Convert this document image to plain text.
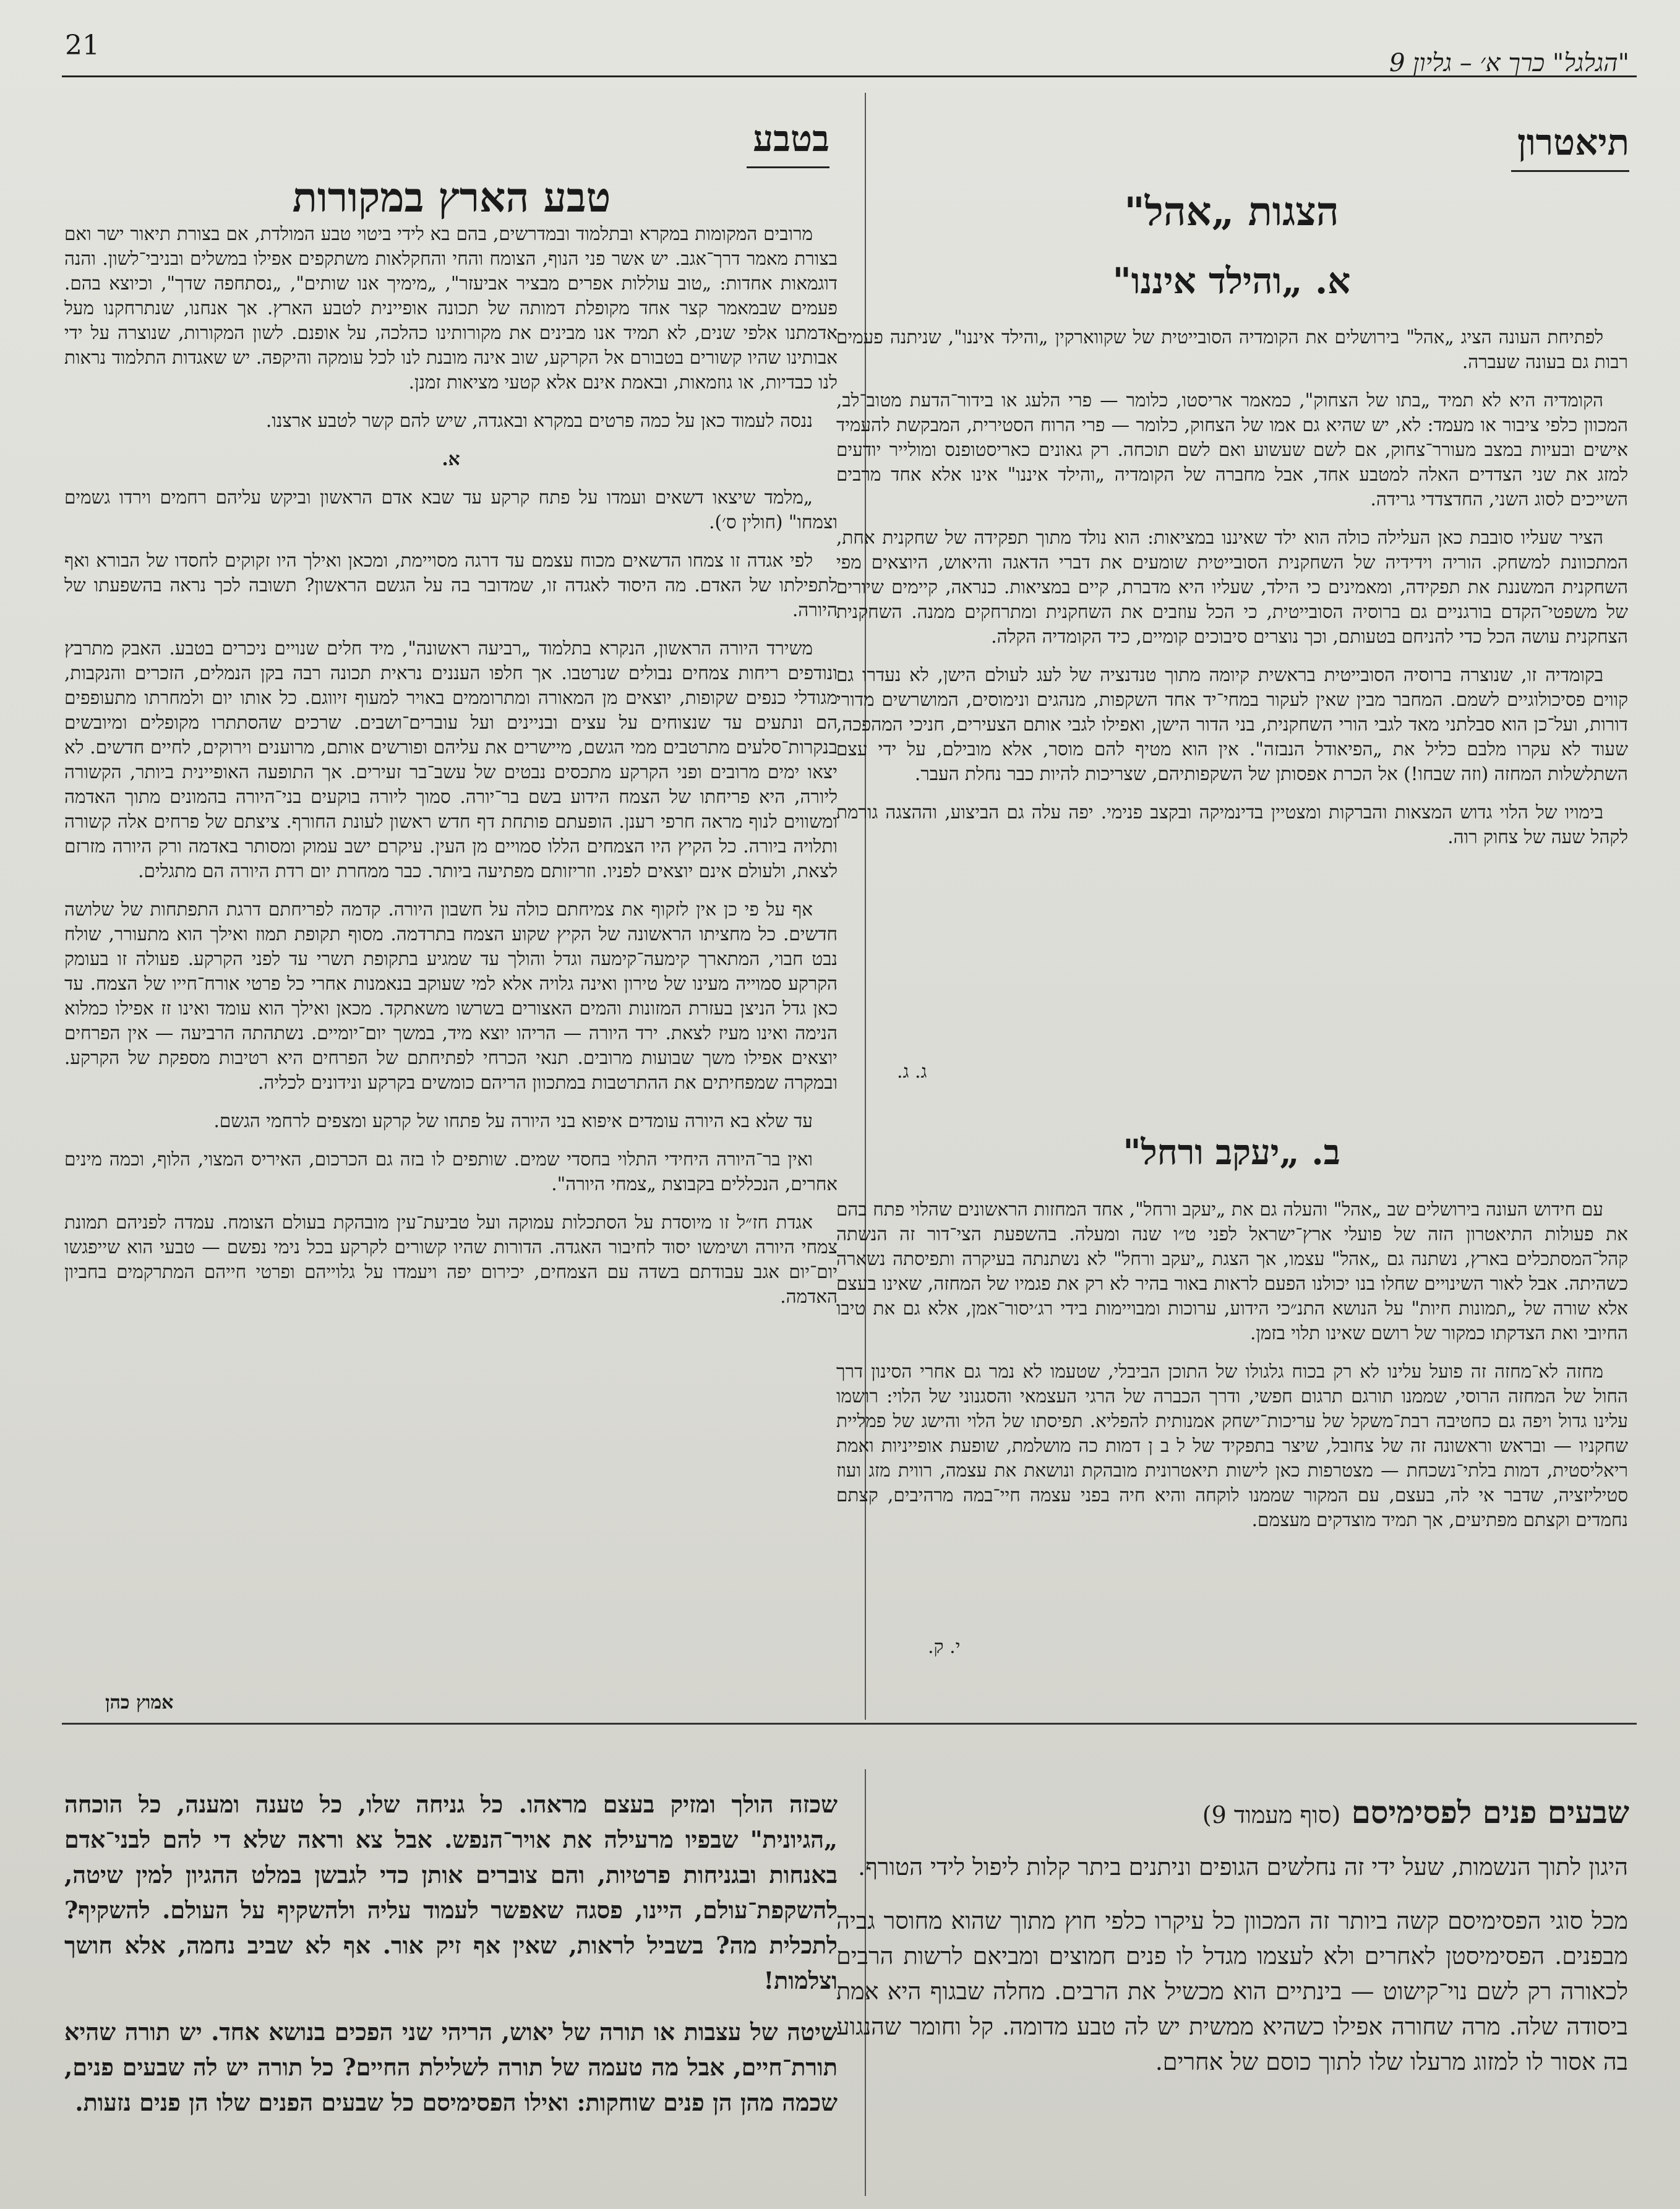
21
"הגלגל" כרך א׳ – גליון 9
תיאטרון
בטבע
הצגות „אהל"
א. „והילד איננו"

לפתיחת העונה הציג „אהל" בירושלים את הקומדיה הסובייטית של שקווארקין „והילד איננו", שניתנה פעמים רבות גם בעונה שעברה.

הקומדיה היא לא תמיד „בתו של הצחוק", כמאמר אריסטו, כלומר — פרי הלעג או בידור־הדעת מטוב־לב, המכוון כלפי ציבור או מעמד: לא, יש שהיא גם אמו של הצחוק, כלומר — פרי הרוח הסטירית, המבקשת להעמיד אישים ובעיות במצב מעורר־צחוק, אם לשם שעשוע ואם לשם תוכחה. רק גאונים כאריסטופנס ומולייר יודעים למזג את שני הצדדים האלה למטבע אחד, אבל מחברה של הקומדיה „והילד איננו" אינו אלא אחד מרבים השייכים לסוג השני, החדצדדי גרידה.

הציר שעליו סובבת כאן העלילה כולה הוא ילד שאיננו במציאות: הוא נולד מתוך תפקידה של שחקנית אחת, המתכוונת למשחק. הוריה וידידיה של השחקנית הסובייטית שומעים את דברי הדאגה והיאוש, היוצאים מפי השחקנית המשננת את תפקידה, ומאמינים כי הילד, שעליו היא מדברת, קיים במציאות. כנראה, קיימים שיורים של משפטי־הקדם בורגניים גם ברוסיה הסובייטית, כי הכל עוזבים את השחקנית ומתרחקים ממנה. השחקנית הצחקנית עושה הכל כדי להניחם בטעותם, וכך נוצרים סיבוכים קומיים, כיד הקומדיה הקלה.

בקומדיה זו, שנוצרה ברוסיה הסובייטית בראשית קיומה מתוך טנדנציה של לעג לעולם הישן, לא נעדרו גם קווים פסיכולוגיים לשמם. המחבר מבין שאין לעקור במחי־יד אחד השקפות, מנהגים ונימוסים, המושרשים מדורי דורות, ועל־כן הוא סבלתני מאד לגבי הורי השחקנית, בני הדור הישן, ואפילו לגבי אותם הצעירים, חניכי המהפכה, שעוד לא עקרו מלבם כליל את „הפיאודל הנבזה". אין הוא מטיף להם מוסר, אלא מובילם, על ידי עצם השתלשלות המחזה (וזה שבחו!) אל הכרת אפסותן של השקפותיהם, שצריכות להיות כבר נחלת העבר.

בימויו של הלוי גדוש המצאות והברקות ומצטיין בדינמיקה ובקצב פנימי. יפה עלה גם הביצוע, וההצגה גורמת לקהל שעה של צחוק רוה.

ג. ג.
ב. „יעקב ורחל"

עם חידוש העונה בירושלים שב „אהל" והעלה גם את „יעקב ורחל", אחד המחזות הראשונים שהלוי פתח בהם את פעולות התיאטרון הזה של פועלי ארץ־ישראל לפני ט״ו שנה ומעלה. בהשפעת הצי־דור זה הנשתה קהל־המסתכלים בארץ, נשתנה גם „אהל" עצמו, אך הצגת „יעקב ורחל" לא נשתנתה בעיקרה ותפיסתה נשארה כשהיתה. אבל לאור השינויים שחלו בנו יכולנו הפעם לראות באור בהיר לא רק את פגמיו של המחזה, שאינו בעצם אלא שורה של „תמונות חיות" על הנושא התנ״כי הידוע, ערוכות ומבויימות בידי רג׳יסור־אמן, אלא גם את טיבו החיובי ואת הצדקתו כמקור של רושם שאינו תלוי בזמן.

מחזה לא־מחזה זה פועל עלינו לא רק בכוח גלגולו של התוכן הביבלי, שטעמו לא נמר גם אחרי הסינון דרך החול של המחזה הרוסי, שממנו תורגם תרגום חפשי, ודרך הכברה של הרגי העצמאי והסגנוני של הלוי: רושמו עלינו גדול ויפה גם כחטיבה רבת־משקל של עריכות־ישחק אמנותית להפליא. תפיסתו של הלוי והישג של פמליית שחקניו — ובראש וראשונה זה של צחובל, שיצר בתפקיד של ל ב ן דמות כה מושלמת, שופעת אופייניות ואמת ריאליסטית, דמות בלתי־נשכחת — מצטרפות כאן לישות תיאטרונית מובהקת ונושאת את עצמה, רווית מזג ועוז סטיליזציה, שדבר אי לה, בעצם, עם המקור שממנו לוקחה והיא חיה בפני עצמה חיי־במה מרהיבים, קצתם נחמדים וקצתם מפתיעים, אך תמיד מוצדקים מעצמם.

י. ק.
טבע הארץ במקורות

מרובים המקומות במקרא ובתלמוד ובמדרשים, בהם בא לידי ביטוי טבע המולדת, אם בצורת תיאור ישר ואם בצורת מאמר דרך־אגב. יש אשר פני הנוף, הצומח והחי והחקלאות משתקפים אפילו במשלים ובניבי־לשון. והנה דוגמאות אחדות: „טוב עוללות אפרים מבציר אביעזר", „מימיך אנו שותים", „נסתחפה שדך", וכיוצא בהם. פעמים שבמאמר קצר אחד מקופלת דמותה של תכונה אופיינית לטבע הארץ. אך אנחנו, שנתרחקנו מעל אדמתנו אלפי שנים, לא תמיד אנו מבינים את מקורותינו כהלכה, על אופנם. לשון המקורות, שנוצרה על ידי אבותינו שהיו קשורים בטבורם אל הקרקע, שוב אינה מובנת לנו לכל עומקה והיקפה. יש שאגדות התלמוד נראות לנו כבדיות, או גוזמאות, ובאמת אינם אלא קטעי מציאות זמנן.

ננסה לעמוד כאן על כמה פרטים במקרא ובאגדה, שיש להם קשר לטבע ארצנו.

א.

„מלמד שיצאו דשאים ועמדו על פתח קרקע עד שבא אדם הראשון וביקש עליהם רחמים וירדו גשמים וצמחו" (חולין ס׳).

לפי אגדה זו צמחו הדשאים מכוח עצמם עד דרגה מסויימת, ומכאן ואילך היו זקוקים לחסדו של הבורא ואף לתפילתו של האדם. מה היסוד לאגדה זו, שמדובר בה על הגשם הראשון? תשובה לכך נראה בהשפעתו של היורה.

משירד היורה הראשון, הנקרא בתלמוד „רביעה ראשונה", מיד חלים שנויים ניכרים בטבע. האבק מתרבץ ונודפים ריחות צמחים נבולים שנרטבו. אך חלפו העננים נראית תכונה רבה בקן הנמלים, הזכרים והנקבות, מגודלי כנפים שקופות, יוצאים מן המאורה ומתרוממים באויר למעוף זיווגם. כל אותו יום ולמחרתו מתעופפים הם ונתעים עד שנצוחים על עצים ובניינים ועל עוברים־ושבים. שרכים שהסתתרו מקופלים ומיובשים בנקרות־סלעים מתרטבים ממי הגשם, מיישרים את עליהם ופורשים אותם, מרוענים וירוקים, לחיים חדשים. לא יצאו ימים מרובים ופני הקרקע מתכסים נבטים של עשב־בר זעירים. אך התופעה האופיינית ביותר, הקשורה ליורה, היא פריחתו של הצמח הידוע בשם בר־יורה. סמוך ליורה בוקעים בני־היורה בהמונים מתוך האדמה ומשווים לנוף מראה חרפי רענן. הופעתם פותחת דף חדש ראשון לעונת החורף. ציצתם של פרחים אלה קשורה ותלויה ביורה. כל הקיץ היו הצמחים הללו סמויים מן העין. עיקרם ישב עמוק ומסותר באדמה ורק היורה מזרזם לצאת, ולעולם אינם יוצאים לפניו. וזריזותם מפתיעה ביותר. כבר ממחרת יום רדת היורה הם מתגלים.

אף על פי כן אין לזקוף את צמיחתם כולה על חשבון היורה. קדמה לפריחתם דרגת התפתחות של שלושה חדשים. כל מחציתו הראשונה של הקיץ שקוע הצמח בתרדמה. מסוף תקופת תמוז ואילך הוא מתעורר, שולח נבט חבוי, המתארך קימעה־קימעה וגדל והולך עד שמגיע בתקופת תשרי עד לפני הקרקע. פעולה זו בעומק הקרקע סמוייה מעינו של טירון ואינה גלויה אלא למי שעוקב בנאמנות אחרי כל פרטי אורח־חייו של הצמח. עד כאן גדל הניצן בעזרת המזונות והמים האצורים בשרשו משאתקד. מכאן ואילך הוא עומד ואינו זז אפילו כמלוא הנימה ואינו מעיז לצאת. ירד היורה — הריהו יוצא מיד, במשך יום־יומיים. נשתהתה הרביעה — אין הפרחים יוצאים אפילו משך שבועות מרובים. תנאי הכרחי לפתיחתם של הפרחים היא רטיבות מספקת של הקרקע. ובמקרה שמפחיתים את ההתרטבות במתכוון הריהם כומשים בקרקע ונידונים לכליה.

עד שלא בא היורה עומדים איפוא בני היורה על פתחו של קרקע ומצפים לרחמי הגשם.

ואין בר־היורה היחידי התלוי בחסדי שמים. שותפים לו בזה גם הכרכום, האיריס המצוי, הלוף, וכמה מינים אחרים, הנכללים בקבוצת „צמחי היורה".

אגדת חז״ל זו מיוסדת על הסתכלות עמוקה ועל טביעת־עין מובהקת בעולם הצומח. עמדה לפניהם תמונת צמחי היורה ושימשו יסוד לחיבור האגדה. הדורות שהיו קשורים לקרקע בכל נימי נפשם — טבעי הוא שייפגשו יום־יום אגב עבודתם בשדה עם הצמחים, יכירום יפה ויעמדו על גלוייהם ופרטי חייהם המתרקמים בחביון האדמה.

אמוץ כהן
שבעים פנים לפסימיסם (סוף מעמוד 9)

היגון לתוך הנשמות, שעל ידי זה נחלשים הגופים וניתנים ביתר קלות ליפול לידי הטורף.

מכל סוגי הפסימיסם קשה ביותר זה המכוון כל עיקרו כלפי חוץ מתוך שהוא מחוסר גביה מבפנים. הפסימיסטן לאחרים ולא לעצמו מגדל לו פנים חמוצים ומביאם לרשות הרבים לכאורה רק לשם נוי־קישוט — בינתיים הוא מכשיל את הרבים. מחלה שבגוף היא אמת ביסודה שלה. מרה שחורה אפילו כשהיא ממשית יש לה טבע מדומה. קל וחומר שהנגוע בה אסור לו למזוג מרעלו שלו לתוך כוסם של אחרים.

שכזה הולך ומזיק בעצם מראהו. כל גניחה שלו, כל טענה ומענה, כל הוכחה „הגיונית" שבפיו מרעילה את אויר־הנפש. אבל צא וראה שלא די להם לבני־אדם באנחות ובגניחות פרטיות, והם צוברים אותן כדי לגבשן במלט ההגיון למין שיטה, להשקפת־עולם, היינו, פסגה שאפשר לעמוד עליה ולהשקיף על העולם. להשקיף? לתכלית מה? בשביל לראות, שאין אף זיק אור. אף לא שביב נחמה, אלא חושך וצלמות!

שיטה של עצבות או תורה של יאוש, הריהי שני הפכים בנושא אחד. יש תורה שהיא תורת־חיים, אבל מה טעמה של תורה לשלילת החיים? כל תורה יש לה שבעים פנים, שכמה מהן הן פנים שוחקות: ואילו הפסימיסם כל שבעים הפנים שלו הן פנים נזעות.
